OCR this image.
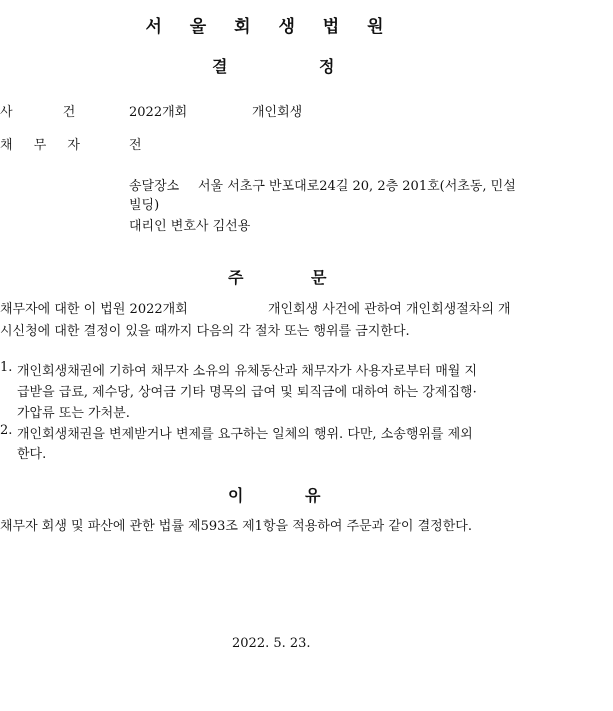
서 울 회 생 법 원
결	정
사	건	2022개회	개인회생
채 무 자	전
송달장소 서울 서초구 반포대로24길 20, 2층 201호(서초동, 민설
빌딩)
대리인 변호사 김선용
주	문
채무자에 대한 이 법원 2022개회	개인회생 사건에 관하여 개인회생절차의 개
시신청에 대한 결정이 있을 때까지 다음의 각 절차 또는 행위를 금지한다.
1. 개인회생채권에 기하여 채무자 소유의 유체동산과 채무자가 사용자로부터 매월 지
급받을 급료, 제수당, 상여금 기타 명목의 급여 및 퇴직금에 대하여 하는 강제집행·
가압류 또는 가처분.
2. 개인회생채권을 변제받거나 변제를 요구하는 일체의 행위. 다만, 소송행위를 제외
한다.
이	유
채무자 회생 및 파산에 관한 법률 제593조 제1항을 적용하여 주문과 같이 결정한다.
2022. 5. 23.
